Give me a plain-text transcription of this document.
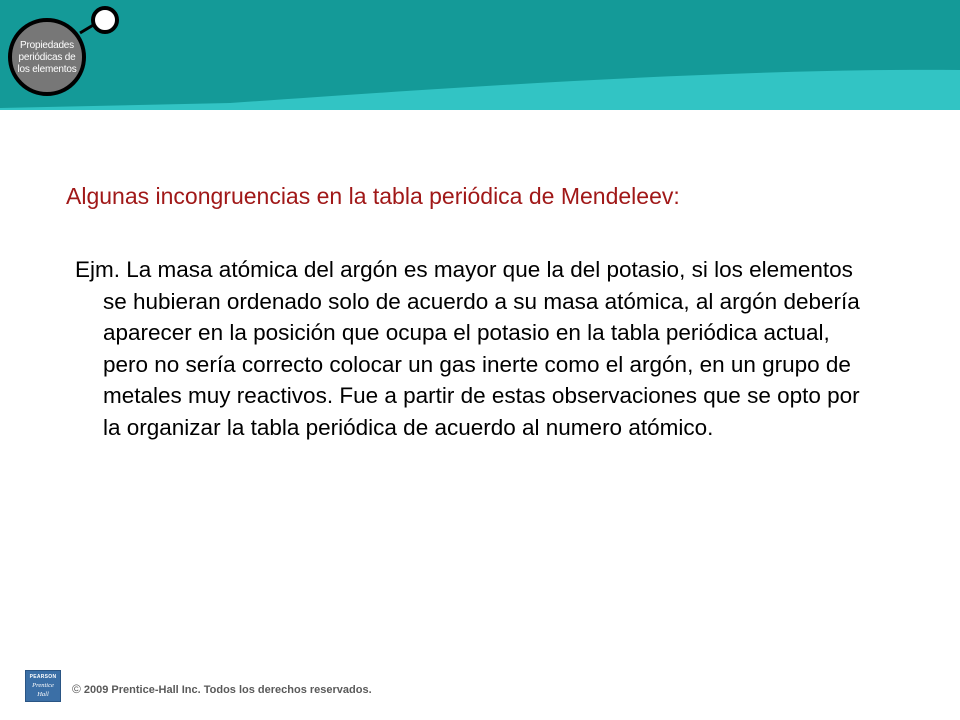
Propiedades
periódicas de
los elementos
Algunas incongruencias en la tabla periódica de Mendeleev:

Ejm. La masa atómica del argón es mayor que la del potasio, si los elementos se hubieran ordenado solo de acuerdo a su masa atómica, al argón debería aparecer en la posición que ocupa el potasio en la tabla periódica actual, pero no sería correcto colocar un gas inerte como el argón, en un grupo de metales muy reactivos. Fue a partir de estas observaciones que se opto por la organizar la tabla periódica de acuerdo al numero atómico.

PEARSON
Prentice
Hall	© 2009 Prentice-Hall Inc. Todos los derechos reservados.
